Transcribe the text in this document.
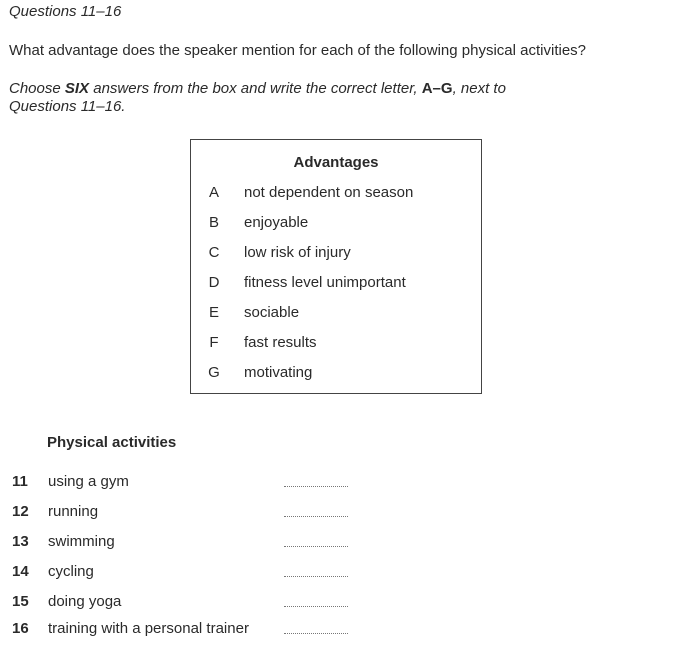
Questions 11–16
What advantage does the speaker mention for each of the following physical activities?
Choose SIX answers from the box and write the correct letter, A–G, next to
Questions 11–16.
Advantages
A not dependent on season
B enjoyable
C low risk of injury
D fitness level unimportant
E sociable
F fast results
G motivating
Physical activities
11 using a gym
12 running
13 swimming
14 cycling
15 doing yoga
16 training with a personal trainer
